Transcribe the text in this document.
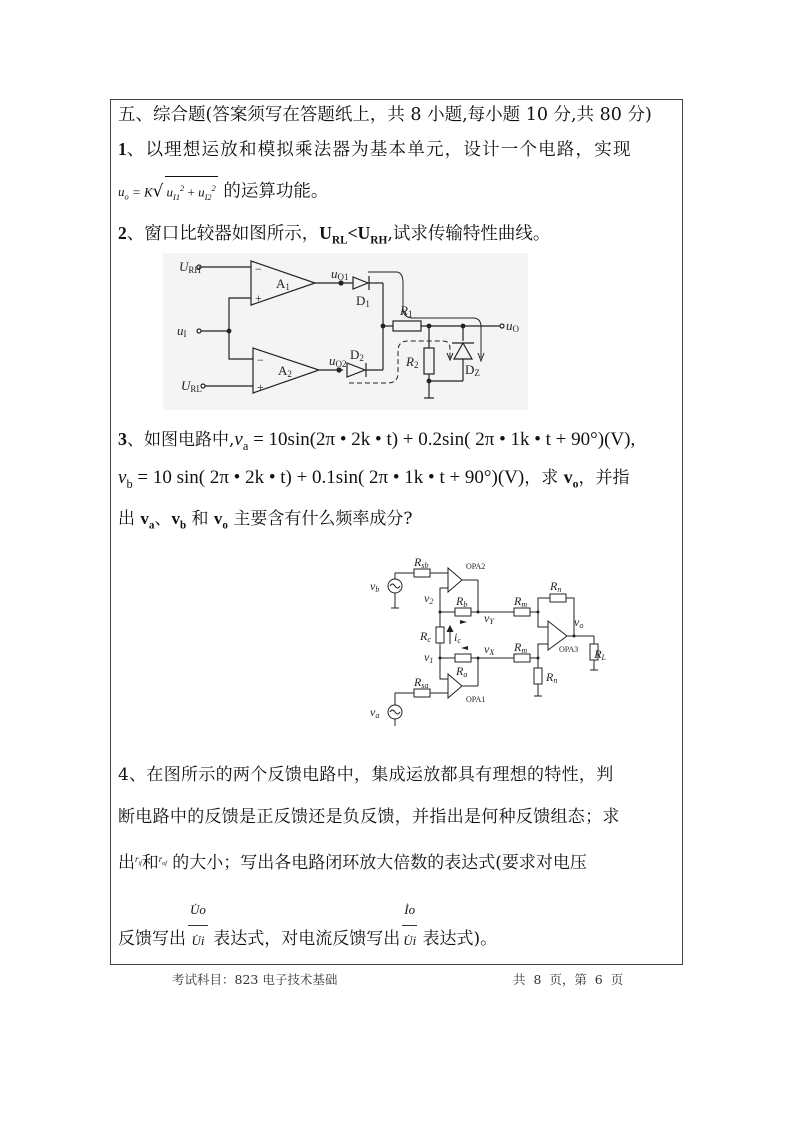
五、综合题(答案须写在答题纸上，共 8 小题,每小题 10 分,共 80 分)
1、以理想运放和模拟乘法器为基本单元，设计一个电路，实现
$u_o = K√$ $u_{I1}^2 + u_{I2}^2$ 的运算功能。
2、窗口比较器如图所示，$U_{RL}<U_{RH}$,试求传输特性曲线。
−
+
−
+
URH
URL
uI
A1
A2
uO1
uO2
D1
D2
R1
R2	DZ
uO
3、如图电路中$,v_a = 10\sin(2\pi$ • 2k • t) + 0.2sin( 2π • 1k • t + 90°)(V),
$v_b = 10$ sin( 2π • 2k • t) + 0.1sin( 2π • 1k • t + 90°)(V)，求 $v_o$，并指
出 $v_a$、$v_b$ 和 $v_o$ 主要含有什么频率成分?
OPA2
OPA1
OPA3
Rsb
Rsa
vb
va
v2
v1
Rb
Ra
Rc ic
vY
vX
Rm
Rm
Rn
Rn
vo
RL
4、在图所示的两个反馈电路中，集成运放都具有理想的特性，判
断电路中的反馈是正反馈还是负反馈，并指出是何种反馈组态；求
出$^{r_{if}}$和$^{r_{of}}$ 的大小；写出各电路闭环放大倍数的表达式(要求对电压
反馈写出 $\frac{U̇o}{U̇i}$ 表达式，对电流反馈写出 $\frac{İo}{U̇i}$ 表达式)。
考试科目：823 电子技术基础	共  8  页，第  6  页
